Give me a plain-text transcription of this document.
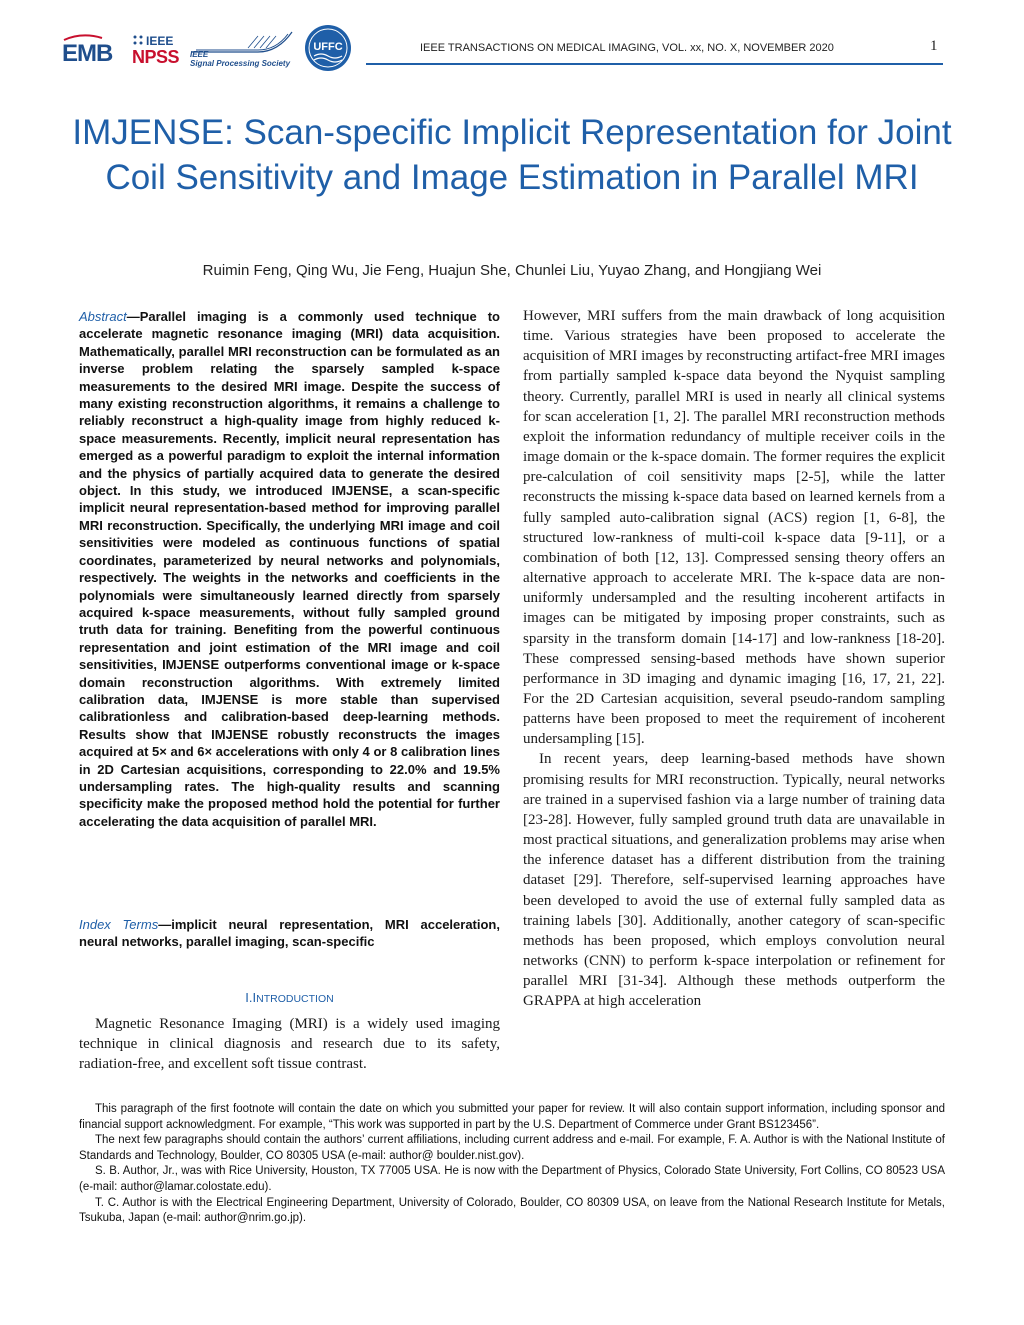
EMB	IEEE
NPSS IEEE
Signal Processing Society
UFFC	IEEE TRANSACTIONS ON MEDICAL IMAGING, VOL. xx, NO. X, NOVEMBER 2020	1
IMJENSE: Scan-specific Implicit Representation for Joint Coil Sensitivity and Image Estimation in Parallel MRI
Ruimin Feng, Qing Wu, Jie Feng, Huajun She, Chunlei Liu, Yuyao Zhang, and Hongjiang Wei

Abstract—Parallel imaging is a commonly used technique to accelerate magnetic resonance imaging (MRI) data acquisition. Mathematically, parallel MRI reconstruction can be formulated as an inverse problem relating the sparsely sampled k-space measurements to the desired MRI image. Despite the success of many existing reconstruction algorithms, it remains a challenge to reliably reconstruct a high-quality image from highly reduced k-space measurements. Recently, implicit neural representation has emerged as a powerful paradigm to exploit the internal information and the physics of partially acquired data to generate the desired object. In this study, we introduced IMJENSE, a scan-specific implicit neural representation-based method for improving parallel MRI reconstruction. Specifically, the underlying MRI image and coil sensitivities were modeled as continuous functions of spatial coordinates, parameterized by neural networks and polynomials, respectively. The weights in the networks and coefficients in the polynomials were simultaneously learned directly from sparsely acquired k-space measurements, without fully sampled ground truth data for training. Benefiting from the powerful continuous representation and joint estimation of the MRI image and coil sensitivities, IMJENSE outperforms conventional image or k-space domain reconstruction algorithms. With extremely limited calibration data, IMJENSE is more stable than supervised calibrationless and calibration-based deep-learning methods. Results show that IMJENSE robustly reconstructs the images acquired at 5× and 6× accelerations with only 4 or 8 calibration lines in 2D Cartesian acquisitions, corresponding to 22.0% and 19.5% undersampling rates. The high-quality results and scanning specificity make the proposed method hold the potential for further accelerating the data acquisition of parallel MRI.

Index Terms—implicit neural representation, MRI acceleration, neural networks, parallel imaging, scan-specific

I.INTRODUCTION

Magnetic Resonance Imaging (MRI) is a widely used imaging technique in clinical diagnosis and research due to its safety, radiation-free, and excellent soft tissue contrast.

However, MRI suffers from the main drawback of long acquisition time. Various strategies have been proposed to accelerate the acquisition of MRI images by reconstructing artifact-free MRI images from partially sampled k-space data beyond the Nyquist sampling theory. Currently, parallel MRI is used in nearly all clinical systems for scan acceleration [1, 2]. The parallel MRI reconstruction methods exploit the information redundancy of multiple receiver coils in the image domain or the k-space domain. The former requires the explicit pre-calculation of coil sensitivity maps [2-5], while the latter reconstructs the missing k-space data based on learned kernels from a fully sampled auto-calibration signal (ACS) region [1, 6-8], the structured low-rankness of multi-coil k-space data [9-11], or a combination of both [12, 13]. Compressed sensing theory offers an alternative approach to accelerate MRI. The k-space data are non-uniformly undersampled and the resulting incoherent artifacts in images can be mitigated by imposing proper constraints, such as sparsity in the transform domain [14-17] and low-rankness [18-20]. These compressed sensing-based methods have shown superior performance in 3D imaging and dynamic imaging [16, 17, 21, 22]. For the 2D Cartesian acquisition, several pseudo-random sampling patterns have been proposed to meet the requirement of incoherent undersampling [15].

In recent years, deep learning-based methods have shown promising results for MRI reconstruction. Typically, neural networks are trained in a supervised fashion via a large number of training data [23-28]. However, fully sampled ground truth data are unavailable in most practical situations, and generalization problems may arise when the inference dataset has a different distribution from the training dataset [29]. Therefore, self-supervised learning approaches have been developed to avoid the use of external fully sampled data as training labels [30]. Additionally, another category of scan-specific methods has been proposed, which employs convolution neural networks (CNN) to perform k-space interpolation or refinement for parallel MRI [31-34]. Although these methods outperform the GRAPPA at high acceleration

This paragraph of the first footnote will contain the date on which you submitted your paper for review. It will also contain support information, including sponsor and financial support acknowledgment. For example, “This work was supported in part by the U.S. Department of Commerce under Grant BS123456”.

The next few paragraphs should contain the authors’ current affiliations, including current address and e-mail. For example, F. A. Author is with the National Institute of Standards and Technology, Boulder, CO 80305 USA (e-mail: author@ boulder.nist.gov).

S. B. Author, Jr., was with Rice University, Houston, TX 77005 USA. He is now with the Department of Physics, Colorado State University, Fort Collins, CO 80523 USA (e-mail: author@lamar.colostate.edu).

T. C. Author is with the Electrical Engineering Department, University of Colorado, Boulder, CO 80309 USA, on leave from the National Research Institute for Metals, Tsukuba, Japan (e-mail: author@nrim.go.jp).
